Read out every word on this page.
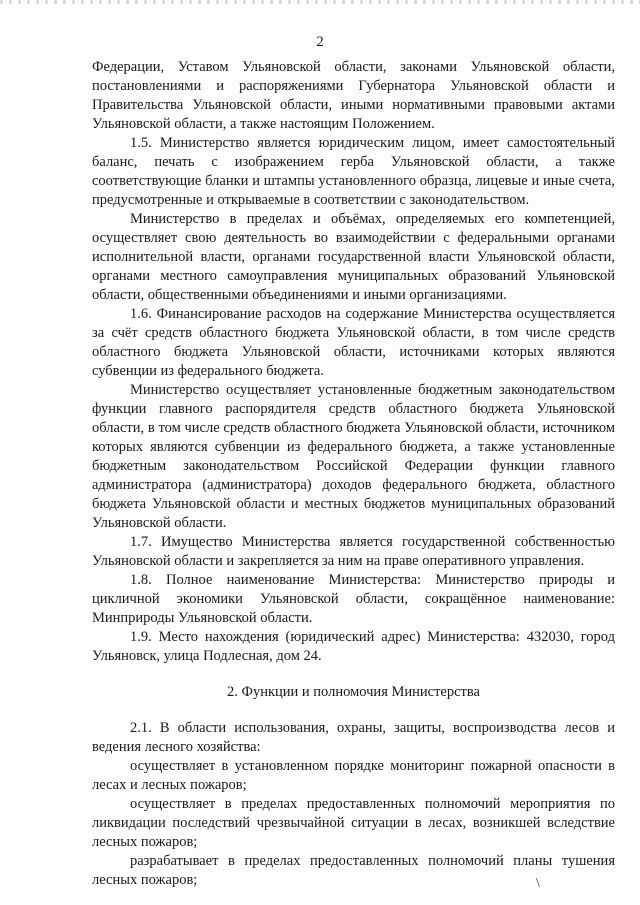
2

Федерации, Уставом Ульяновской области, законами Ульяновской области, постановлениями и распоряжениями Губернатора Ульяновской области и Правительства Ульяновской области, иными нормативными правовыми актами Ульяновской области, а также настоящим Положением.

1.5. Министерство является юридическим лицом, имеет самостоятельный баланс, печать с изображением герба Ульяновской области, а также соответствующие бланки и штампы установленного образца, лицевые и иные счета, предусмотренные и открываемые в соответствии с законодательством.

Министерство в пределах и объёмах, определяемых его компетенцией, осуществляет свою деятельность во взаимодействии с федеральными органами исполнительной власти, органами государственной власти Ульяновской области, органами местного самоуправления муниципальных образований Ульяновской области, общественными объединениями и иными организациями.

1.6. Финансирование расходов на содержание Министерства осуществляется за счёт средств областного бюджета Ульяновской области, в том числе средств областного бюджета Ульяновской области, источниками которых являются субвенции из федерального бюджета.

Министерство осуществляет установленные бюджетным законодательством функции главного распорядителя средств областного бюджета Ульяновской области, в том числе средств областного бюджета Ульяновской области, источником которых являются субвенции из федерального бюджета, а также установленные бюджетным законодательством Российской Федерации функции главного администратора (администратора) доходов федерального бюджета, областного бюджета Ульяновской области и местных бюджетов муниципальных образований Ульяновской области.

1.7. Имущество Министерства является государственной собственностью Ульяновской области и закрепляется за ним на праве оперативного управления.

1.8. Полное наименование Министерства: Министерство природы и цикличной экономики Ульяновской области, сокращённое наименование: Минприроды Ульяновской области.

1.9. Место нахождения (юридический адрес) Министерства: 432030, город Ульяновск, улица Подлесная, дом 24.

2. Функции и полномочия Министерства

2.1. В области использования, охраны, защиты, воспроизводства лесов и ведения лесного хозяйства:

осуществляет в установленном порядке мониторинг пожарной опасности в лесах и лесных пожаров;

осуществляет в пределах предоставленных полномочий мероприятия по ликвидации последствий чрезвычайной ситуации в лесах, возникшей вследствие лесных пожаров;

разрабатывает в пределах предоставленных полномочий планы тушения лесных пожаров;	\
